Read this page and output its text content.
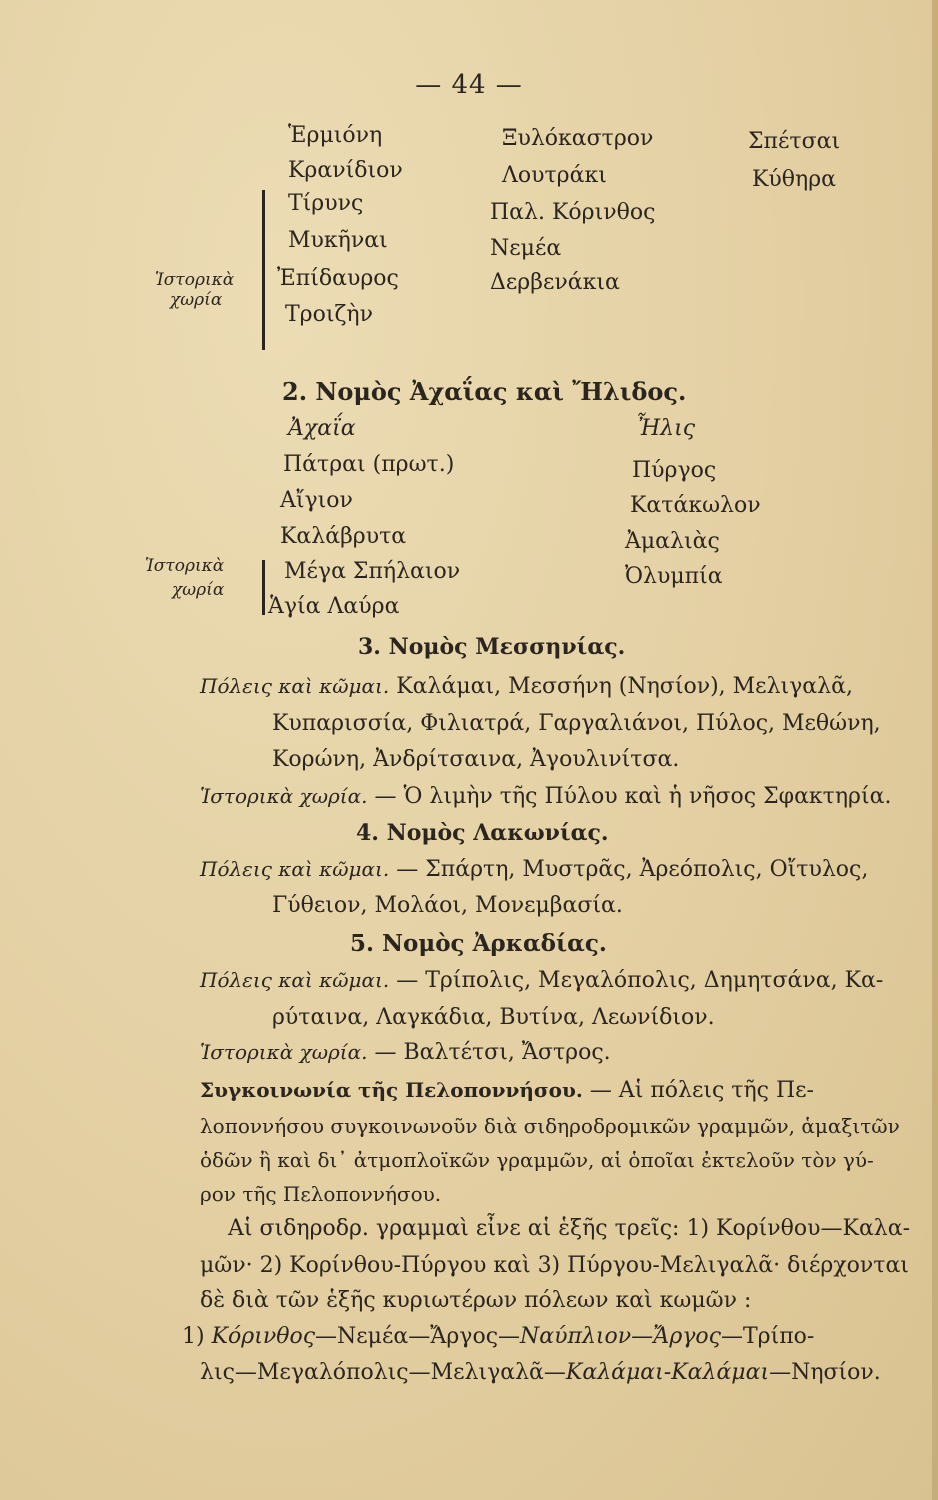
— 44 —
Ἑρμιόνη
Κρανίδιον
Τίρυνς
Μυκῆναι
Ἐπίδαυρος
Τροιζὴν
Ξυλόκαστρον
Λουτράκι
Παλ. Κόρινθος
Νεμέα
Δερβενάκια
Σπέτσαι
Κύθηρα
Ἱστορικὰ
χωρία
2. Νομὸς Ἀχαΐας καὶ Ἤλιδος.
Ἀχαΐα
Πάτραι (πρωτ.)
Αἴγιον
Καλάβρυτα
Μέγα Σπήλαιον
Ἁγία Λαύρα
Ἦλις
Πύργος
Κατάκωλον
Ἀμαλιὰς
Ὀλυμπία
Ἱστορικὰ
χωρία
3. Νομὸς Μεσσηνίας.
Πόλεις καὶ κῶμαι. Καλάμαι, Μεσσήνη (Νησίον), Μελιγαλᾶ,
Κυπαρισσία, Φιλιατρά, Γαργαλιάνοι, Πύλος, Μεθώνη,
Κορώνη, Ἀνδρίτσαινα, Ἀγουλινίτσα.
Ἱστορικὰ χωρία. — Ὁ λιμὴν τῆς Πύλου καὶ ἡ νῆσος Σφακτηρία.
4. Νομὸς Λακωνίας.
Πόλεις καὶ κῶμαι. — Σπάρτη, Μυστρᾶς, Ἀρεόπολις, Οἴτυλος,
Γύθειον, Μολάοι, Μονεμβασία.
5. Νομὸς Ἀρκαδίας.
Πόλεις καὶ κῶμαι. — Τρίπολις, Μεγαλόπολις, Δημητσάνα, Κα-
ρύταινα, Λαγκάδια, Βυτίνα, Λεωνίδιον.
Ἱστορικὰ χωρία. — Βαλτέτσι, Ἄστρος.
Συγκοινωνία τῆς Πελοποννήσου. — Αἱ πόλεις τῆς Πε-
λοποννήσου συγκοινωνοῦν διὰ σιδηροδρομικῶν γραμμῶν, ἁμαξιτῶν
ὁδῶν ἢ καὶ δι᾽ ἀτμοπλοϊκῶν γραμμῶν, αἱ ὁποῖαι ἐκτελοῦν τὸν γύ-
ρον τῆς Πελοποννήσου.
Αἱ σιδηροδρ. γραμμαὶ εἶνε αἱ ἑξῆς τρεῖς: 1) Κορίνθου—Καλα-
μῶν· 2) Κορίνθου-Πύργου καὶ 3) Πύργου-Μελιγαλᾶ· διέρχονται
δὲ διὰ τῶν ἑξῆς κυριωτέρων πόλεων καὶ κωμῶν :
1) Κόρινθος—Νεμέα—Ἄργος—Ναύπλιον—Ἄργος—Τρίπο-
λις—Μεγαλόπολις—Μελιγαλᾶ—Καλάμαι-Καλάμαι—Νησίον.
